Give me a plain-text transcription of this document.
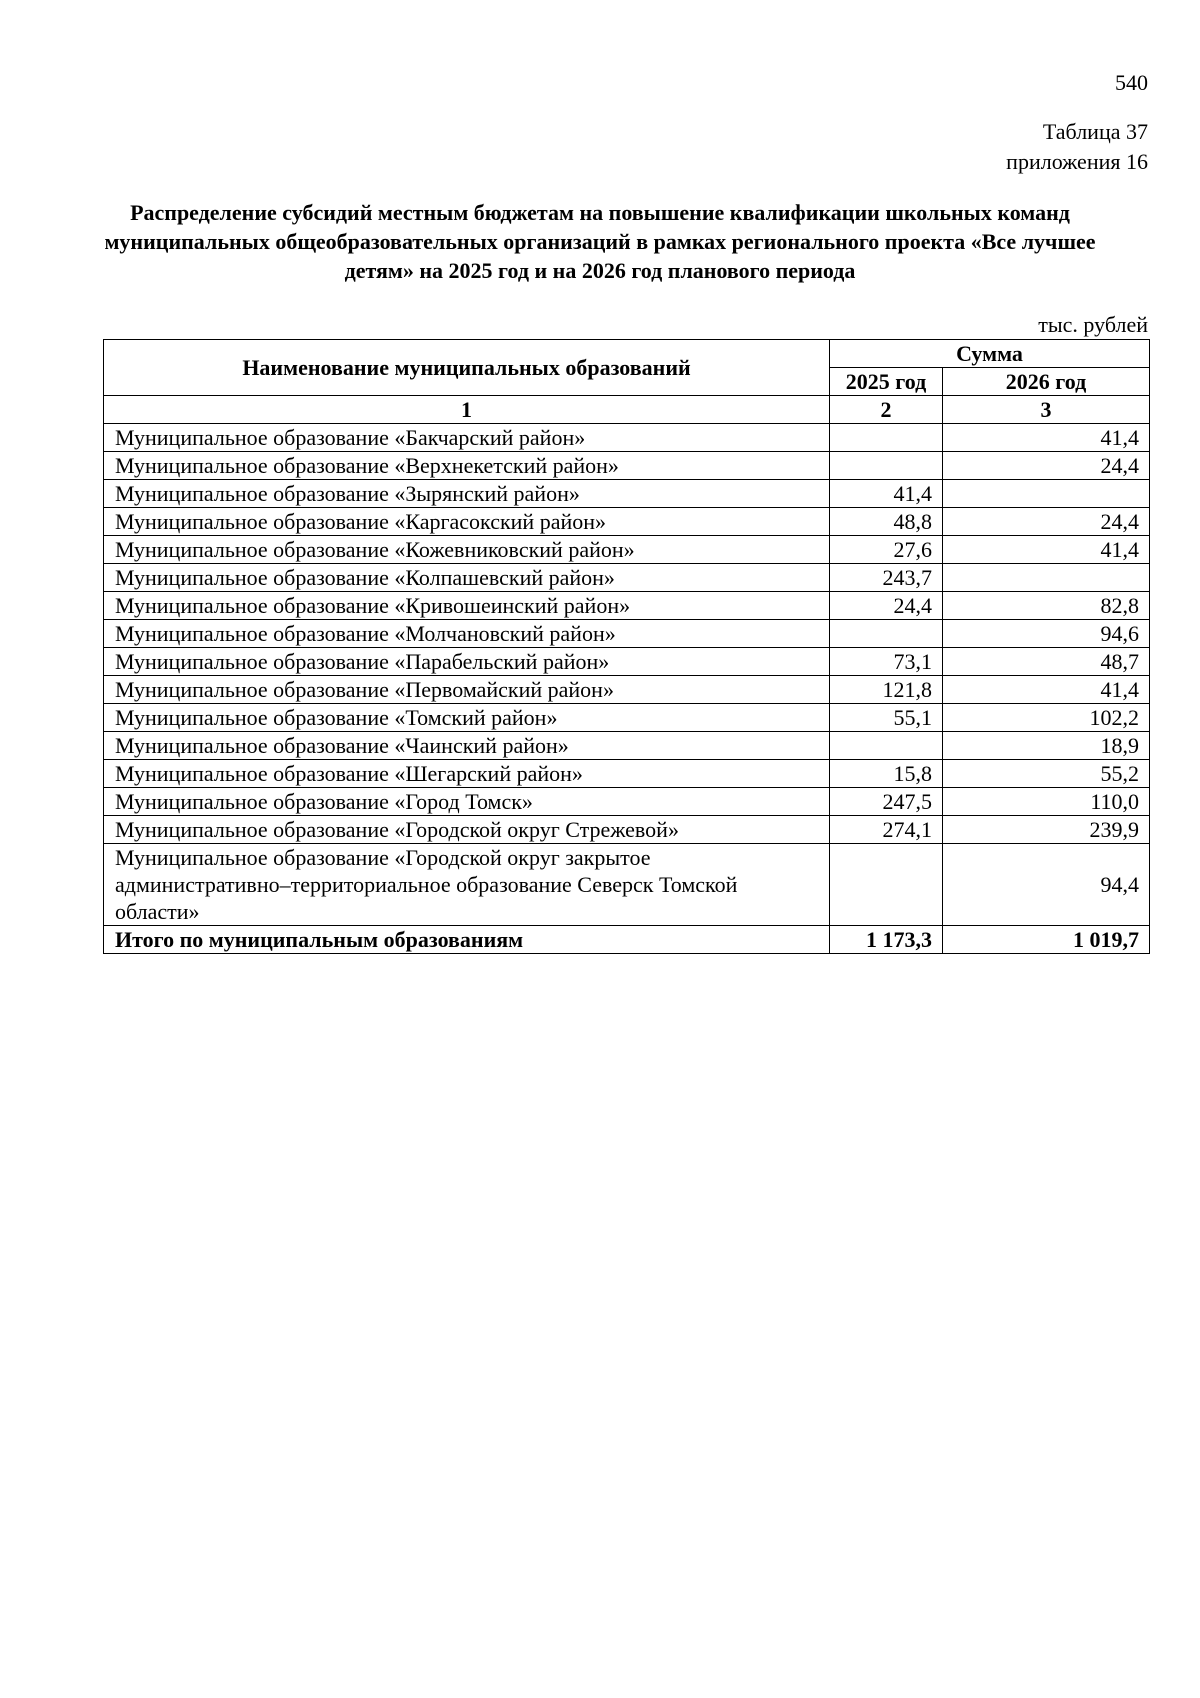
540
Таблица 37
приложения 16
Распределение субсидий местным бюджетам на повышение квалификации школьных команд муниципальных общеобразовательных организаций в рамках регионального проекта «Все лучшее детям» на 2025 год и на 2026 год планового периода
тыс. рублей
Наименование муниципальных образований	Сумма	
	2025 год	2026 год
1	2	3
Муниципальное образование «Бакчарский район»		41,4
Муниципальное образование «Верхнекетский район»		24,4
Муниципальное образование «Зырянский район»	41,4	
Муниципальное образование «Каргасокский район»	48,8	24,4
Муниципальное образование «Кожевниковский район»	27,6	41,4
Муниципальное образование «Колпашевский район»	243,7	
Муниципальное образование «Кривошеинский район»	24,4	82,8
Муниципальное образование «Молчановский район»		94,6
Муниципальное образование «Парабельский район»	73,1	48,7
Муниципальное образование «Первомайский район»	121,8	41,4
Муниципальное образование «Томский район»	55,1	102,2
Муниципальное образование «Чаинский район»		18,9
Муниципальное образование «Шегарский район»	15,8	55,2
Муниципальное образование «Город Томск»	247,5	110,0
Муниципальное образование «Городской округ Стрежевой»	274,1	239,9
Муниципальное образование «Городской округ закрытое административно–территориальное образование Северск Томской области»		94,4
Итого по муниципальным образованиям	1 173,3	1 019,7
